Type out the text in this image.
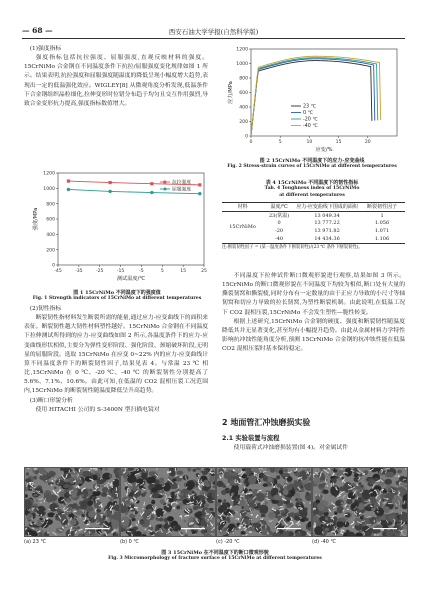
— 68 —	西安石油大学学报(自然科学版)

(1)强度指标

强度指标包括抗拉强度、屈服强度,直观反映材料的强度。15CrNiMo 合金钢在不同温度条件下抗拉/屈服强度变化规律如图 1 所示。结果表明,抗拉强度和屈服强度随温度的降低呈现小幅度增大趋势,表现出一定的低温强化效应。WIGLEY[8] 从微观角度分析发现,低温条件下合金钢组织晶粒细化,拉伸变形时位错分布趋于均匀且交互作用强烈,导致合金变形抗力提高,强度指标数值增大。

0
200
400
600
800
1000
1200
-45	-35	-25	-15	-5	5	15	25
测试温度/℃
强度/MPa
抗拉强度
屈服强度
图 1 15CrNiMo 不同温度下的强度值
Fig. 1 Strength indicators of 15CrNiMo at different temperatures

(2)韧性指标

断裂韧性指材料发生断裂所需的能量,通过应力-应变曲线下的面积来表征。断裂韧性越大韧性材料塑性越好。15CrNiMo 合金钢在不同温度下拉伸测试所得到的应力-应变曲线如图 2 所示,各温度条件下的应力-应变曲线形状相似,主要分为弹性变形阶段、强化阶段、颈缩破坏阶段,无明显的屈服阶段。选取 15CrNiMo 在应变 0~22% 内的应力-应变曲线计算不同温度条件下的断裂韧性因子,结果见表 4。与常温 23 ℃ 相比,15CrNiMo 在 0 ℃、-20 ℃、-40 ℃ 的断裂韧性分别提高了 5.6%、7.1%、10.6%。由此可知,在低温的 CO2 混相压裂工况范围内,15CrNiMo 的断裂韧性随温度降低呈升高趋势。

(3)断口形貌分析

使用 HITACHI 公司的 S-3400N 型扫描电镜对

0
200
400
600
800
1000
1200
0	5	10	15	20
应变/%
应力/MPa
23 ℃
0 ℃
-20 ℃
-40 ℃
图 2 15CrNiMo 不同温度下的应力-应变曲线
Fig. 2 Stress-strain curves of 15CrNiMo at different temperatures
表 4 15CrNiMo 不同温度下的韧性指标
Tab. 4 Toughness index of 15CrNiMo
at different temperatures
材料	温度/℃	应力-应变曲线下围成的面积	断裂韧性因子
15CrNiMo	23(常温)	13 049.34	1
	0	13 777.22	1.056
	-20	13 971.82	1.071
	-40	14 434.36	1.106
注:断裂韧性因子 = (某一温度条件下断裂韧性)/(23 ℃ 条件下断裂韧性)。

不同温度下拉伸试件断口微观形貌进行观察,结果如图 3 所示。15CrNiMo 的断口微观形貌在不同温度下均较为相似,断口处有大量的撕裂韧窝和撕裂棱,同时分布有一定数量的由于正应力导致的小尺寸等轴韧窝和切应力导致的拉长韧窝,为塑性断裂机制。由此说明,在低温工况下 CO2 混相压裂,15CrNiMo 不会发生塑性—脆性转变。

根据上述研究,15CrNiMo 合金钢的硬度、强度和断裂韧性随温度降低其并无显著变化,甚至均有小幅提升趋势。由此从金属材料力学特性影响抗冲蚀性能角度分析,预测 15CrNiMo 合金钢的抗冲蚀性能在低温 CO2 混相压裂时基本保持稳定。

2 地面管汇冲蚀磨损实验
2.1 实验装置与流程

使用载荷式冲蚀磨损装置(图 4)。对金属试件

(a) 23 ℃	(b) 0 ℃	(c) -20 ℃	(d) -40 ℃
图 3 15CrNiMo 在不同温度下的断口微观形貌
Fig. 3 Micromorphology of fracture surface of 15CrNiMo at different temperatures
